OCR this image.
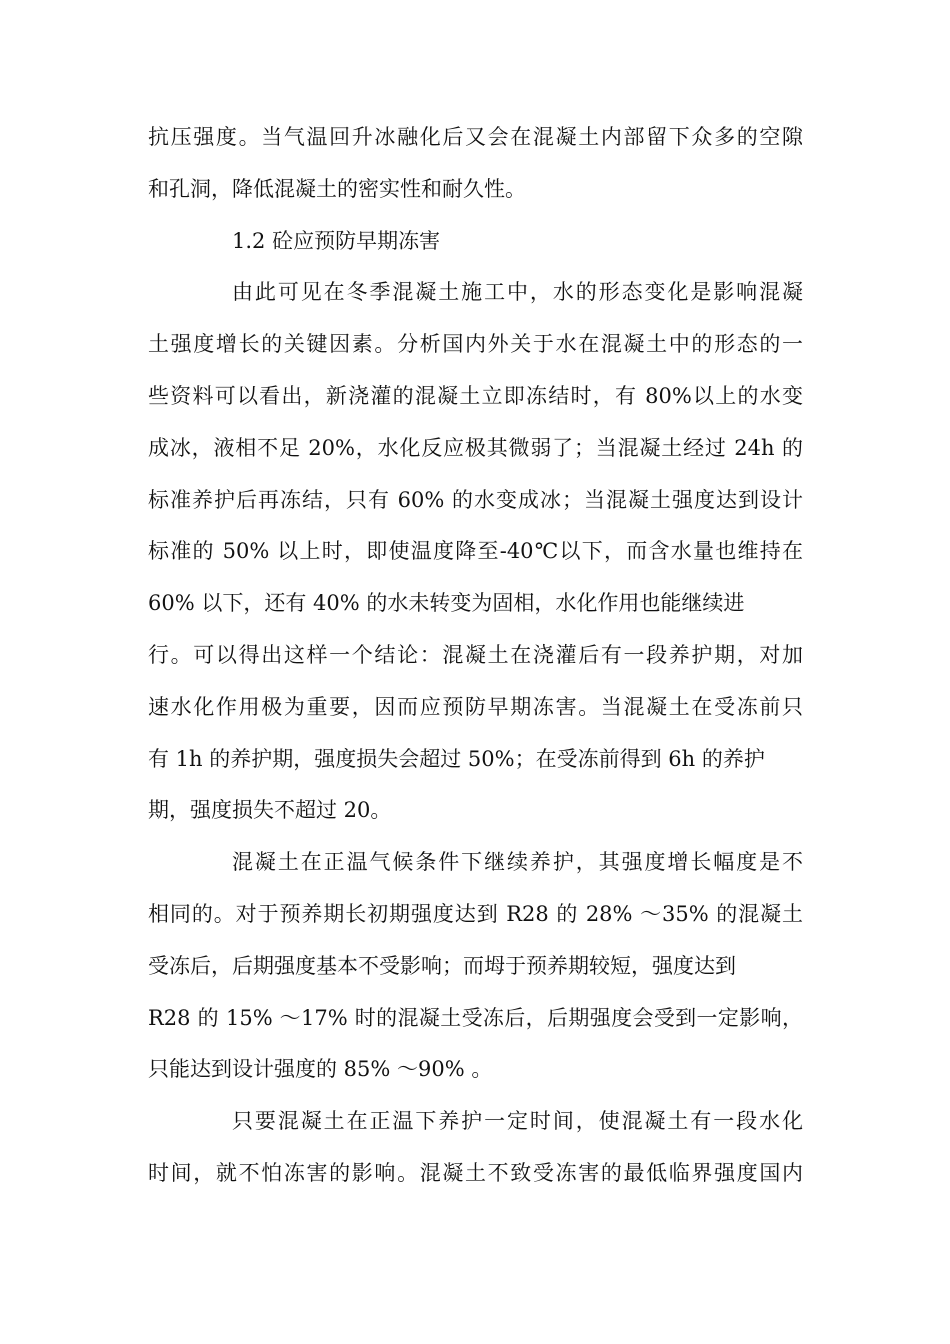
抗压强度。当气温回升冰融化后又会在混凝土内部留下众多的空隙
和孔洞，降低混凝土的密实性和耐久性。
1.2 砼应预防早期冻害
由此可见在冬季混凝土施工中，水的形态变化是影响混凝
土强度增长的关键因素。分析国内外关于水在混凝土中的形态的一
些资料可以看出，新浇灌的混凝土立即冻结时，有 80%以上的水变
成冰，液相不足 20%，水化反应极其微弱了；当混凝土经过 24h 的
标准养护后再冻结，只有 60% 的水变成冰；当混凝土强度达到设计
标准的 50% 以上时，即使温度降至-40℃以下，而含水量也维持在
60% 以下，还有 40% 的水未转变为固相，水化作用也能继续进
行。可以得出这样一个结论：混凝土在浇灌后有一段养护期，对加
速水化作用极为重要，因而应预防早期冻害。当混凝土在受冻前只
有 1h 的养护期，强度损失会超过 50%；在受冻前得到 6h 的养护
期，强度损失不超过 20。
混凝土在正温气候条件下继续养护，其强度增长幅度是不
相同的。对于预养期长初期强度达到 R28 的 28% ～35% 的混凝土
受冻后，后期强度基本不受影响；而坶于预养期较短，强度达到
R28 的 15% ～17% 时的混凝土受冻后，后期强度会受到一定影响，
只能达到设计强度的 85% ～90% 。
只要混凝土在正温下养护一定时间，使混凝土有一段水化
时间，就不怕冻害的影响。混凝土不致受冻害的最低临界强度国内
